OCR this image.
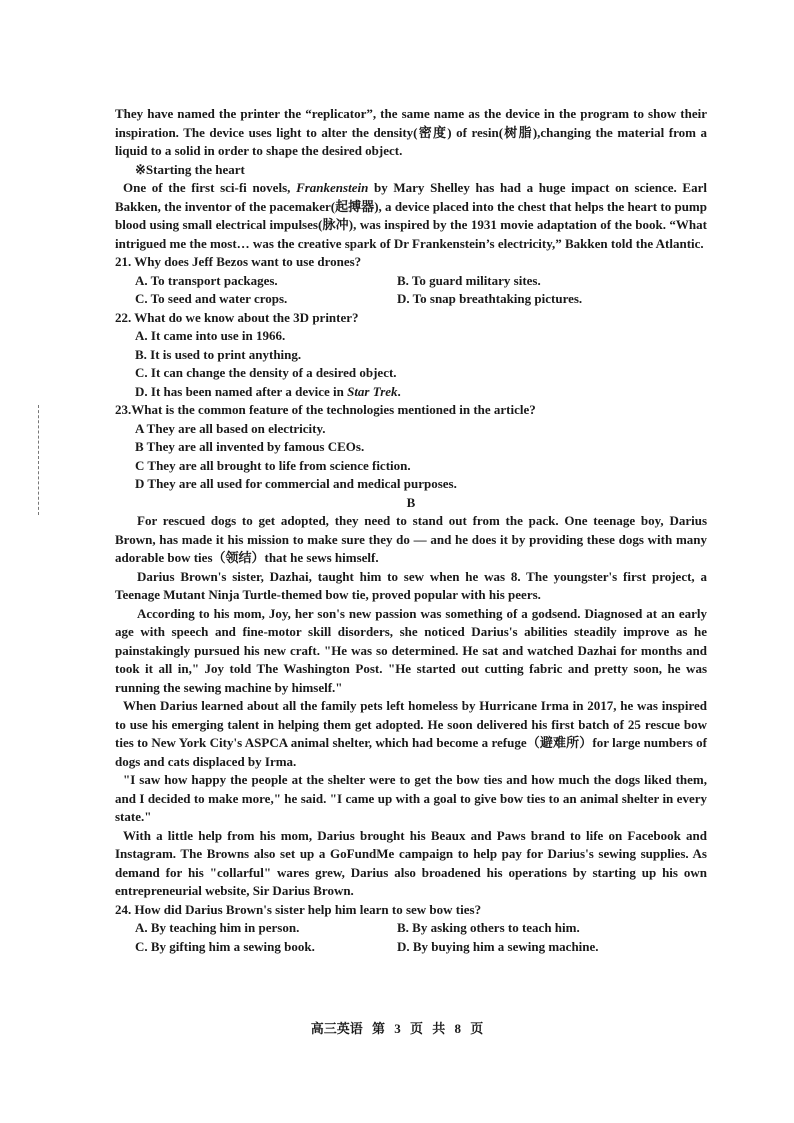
They have named the printer the “replicator”, the same name as the device in the program to show their inspiration. The device uses light to alter the density(密度) of resin(树脂),changing the material from a liquid to a solid in order to shape the desired object.

※Starting the heart

One of the first sci-fi novels, Frankenstein by Mary Shelley has had a huge impact on science. Earl Bakken, the inventor of the pacemaker(起搏器), a device placed into the chest that helps the heart to pump blood using small electrical impulses(脉冲), was inspired by the 1931 movie adaptation of the book. “What intrigued me the most… was the creative spark of Dr Frankenstein’s electricity,” Bakken told the Atlantic.

21. Why does Jeff Bezos want to use drones?

A. To transport packages.	B. To guard military sites.
C. To seed and water crops.	D. To snap breathtaking pictures.

22. What do we know about the 3D printer?

A. It came into use in 1966.
B. It is used to print anything.
C. It can change the density of a desired object.
D. It has been named after a device in Star Trek.

23.What is the common feature of the technologies mentioned in the article?

A They are all based on electricity.
B They are all invented by famous CEOs.
C They are all brought to life from science fiction.
D They are all used for commercial and medical purposes.

B

For rescued dogs to get adopted, they need to stand out from the pack. One teenage boy, Darius Brown, has made it his mission to make sure they do — and he does it by providing these dogs with many adorable bow ties（领结）that he sews himself.

Darius Brown's sister, Dazhai, taught him to sew when he was 8. The youngster's first project, a Teenage Mutant Ninja Turtle-themed bow tie, proved popular with his peers.

According to his mom, Joy, her son's new passion was something of a godsend. Diagnosed at an early age with speech and fine-motor skill disorders, she noticed Darius's abilities steadily improve as he painstakingly pursued his new craft. "He was so determined. He sat and watched Dazhai for months and took it all in," Joy told The Washington Post. "He started out cutting fabric and pretty soon, he was running the sewing machine by himself."

When Darius learned about all the family pets left homeless by Hurricane Irma in 2017, he was inspired to use his emerging talent in helping them get adopted. He soon delivered his first batch of 25 rescue bow ties to New York City's ASPCA animal shelter, which had become a refuge（避难所）for large numbers of dogs and cats displaced by Irma.

"I saw how happy the people at the shelter were to get the bow ties and how much the dogs liked them, and I decided to make more," he said. "I came up with a goal to give bow ties to an animal shelter in every state."

With a little help from his mom, Darius brought his Beaux and Paws brand to life on Facebook and Instagram. The Browns also set up a GoFundMe campaign to help pay for Darius's sewing supplies. As demand for his "collarful" wares grew, Darius also broadened his operations by starting up his own entrepreneurial website, Sir Darius Brown.

24. How did Darius Brown's sister help him learn to sew bow ties?

A. By teaching him in person.	B. By asking others to teach him.
C. By gifting him a sewing book.	D. By buying him a sewing machine.
高三英语 第 3 页 共 8 页
